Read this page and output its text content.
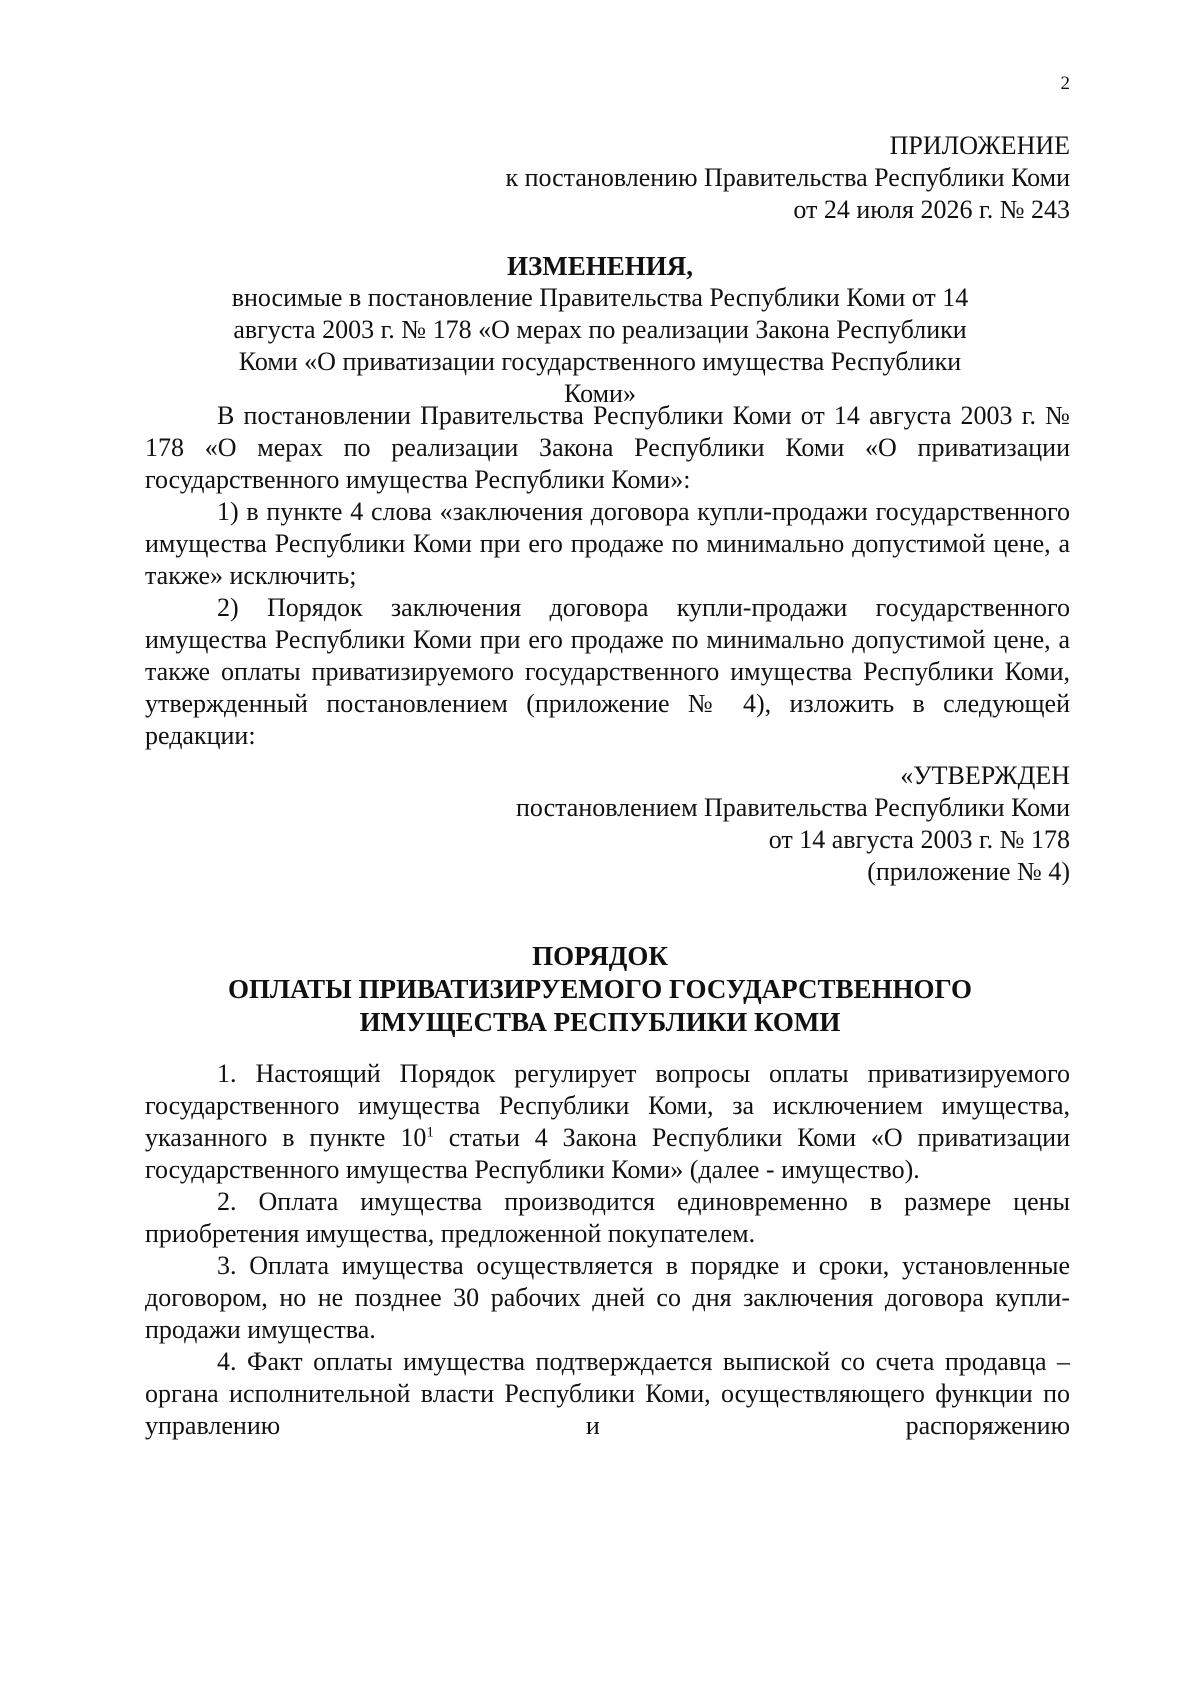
2
ПРИЛОЖЕНИЕ
к постановлению Правительства Республики Коми
от 24 июля 2026 г. № 243
ИЗМЕНЕНИЯ,
вносимые в постановление Правительства Республики Коми от 14 августа 2003 г. № 178 «О мерах по реализации Закона Республики Коми «О приватизации государственного имущества Республики Коми»

В постановлении Правительства Республики Коми от 14 августа 2003 г. № 178 «О мерах по реализации Закона Республики Коми «О приватизации государственного имущества Республики Коми»:

1) в пункте 4 слова «заключения договора купли-продажи государственного имущества Республики Коми при его продаже по минимально допустимой цене, а также» исключить;

2) Порядок заключения договора купли-продажи государственного имущества Республики Коми при его продаже по минимально допустимой цене, а также оплаты приватизируемого государственного имущества Республики Коми, утвержденный постановлением (приложение № 4), изложить в следующей редакции:

«УТВЕРЖДЕН
постановлением Правительства Республики Коми
от 14 августа 2003 г. № 178
(приложение № 4)
ПОРЯДОК
ОПЛАТЫ ПРИВАТИЗИРУЕМОГО ГОСУДАРСТВЕННОГО
ИМУЩЕСТВА РЕСПУБЛИКИ КОМИ

1. Настоящий Порядок регулирует вопросы оплаты приватизируемого государственного имущества Республики Коми, за исключением имущества, указанного в пункте $10^1$ статьи 4 Закона Республики Коми «О приватизации государственного имущества Республики Коми» (далее - имущество).

2. Оплата имущества производится единовременно в размере цены приобретения имущества, предложенной покупателем.

3. Оплата имущества осуществляется в порядке и сроки, установленные договором, но не позднее 30 рабочих дней со дня заключения договора купли-продажи имущества.

4. Факт оплаты имущества подтверждается выпиской со счета продавца – органа исполнительной власти Республики Коми, осуществляющего функции по управлению и распоряжению
